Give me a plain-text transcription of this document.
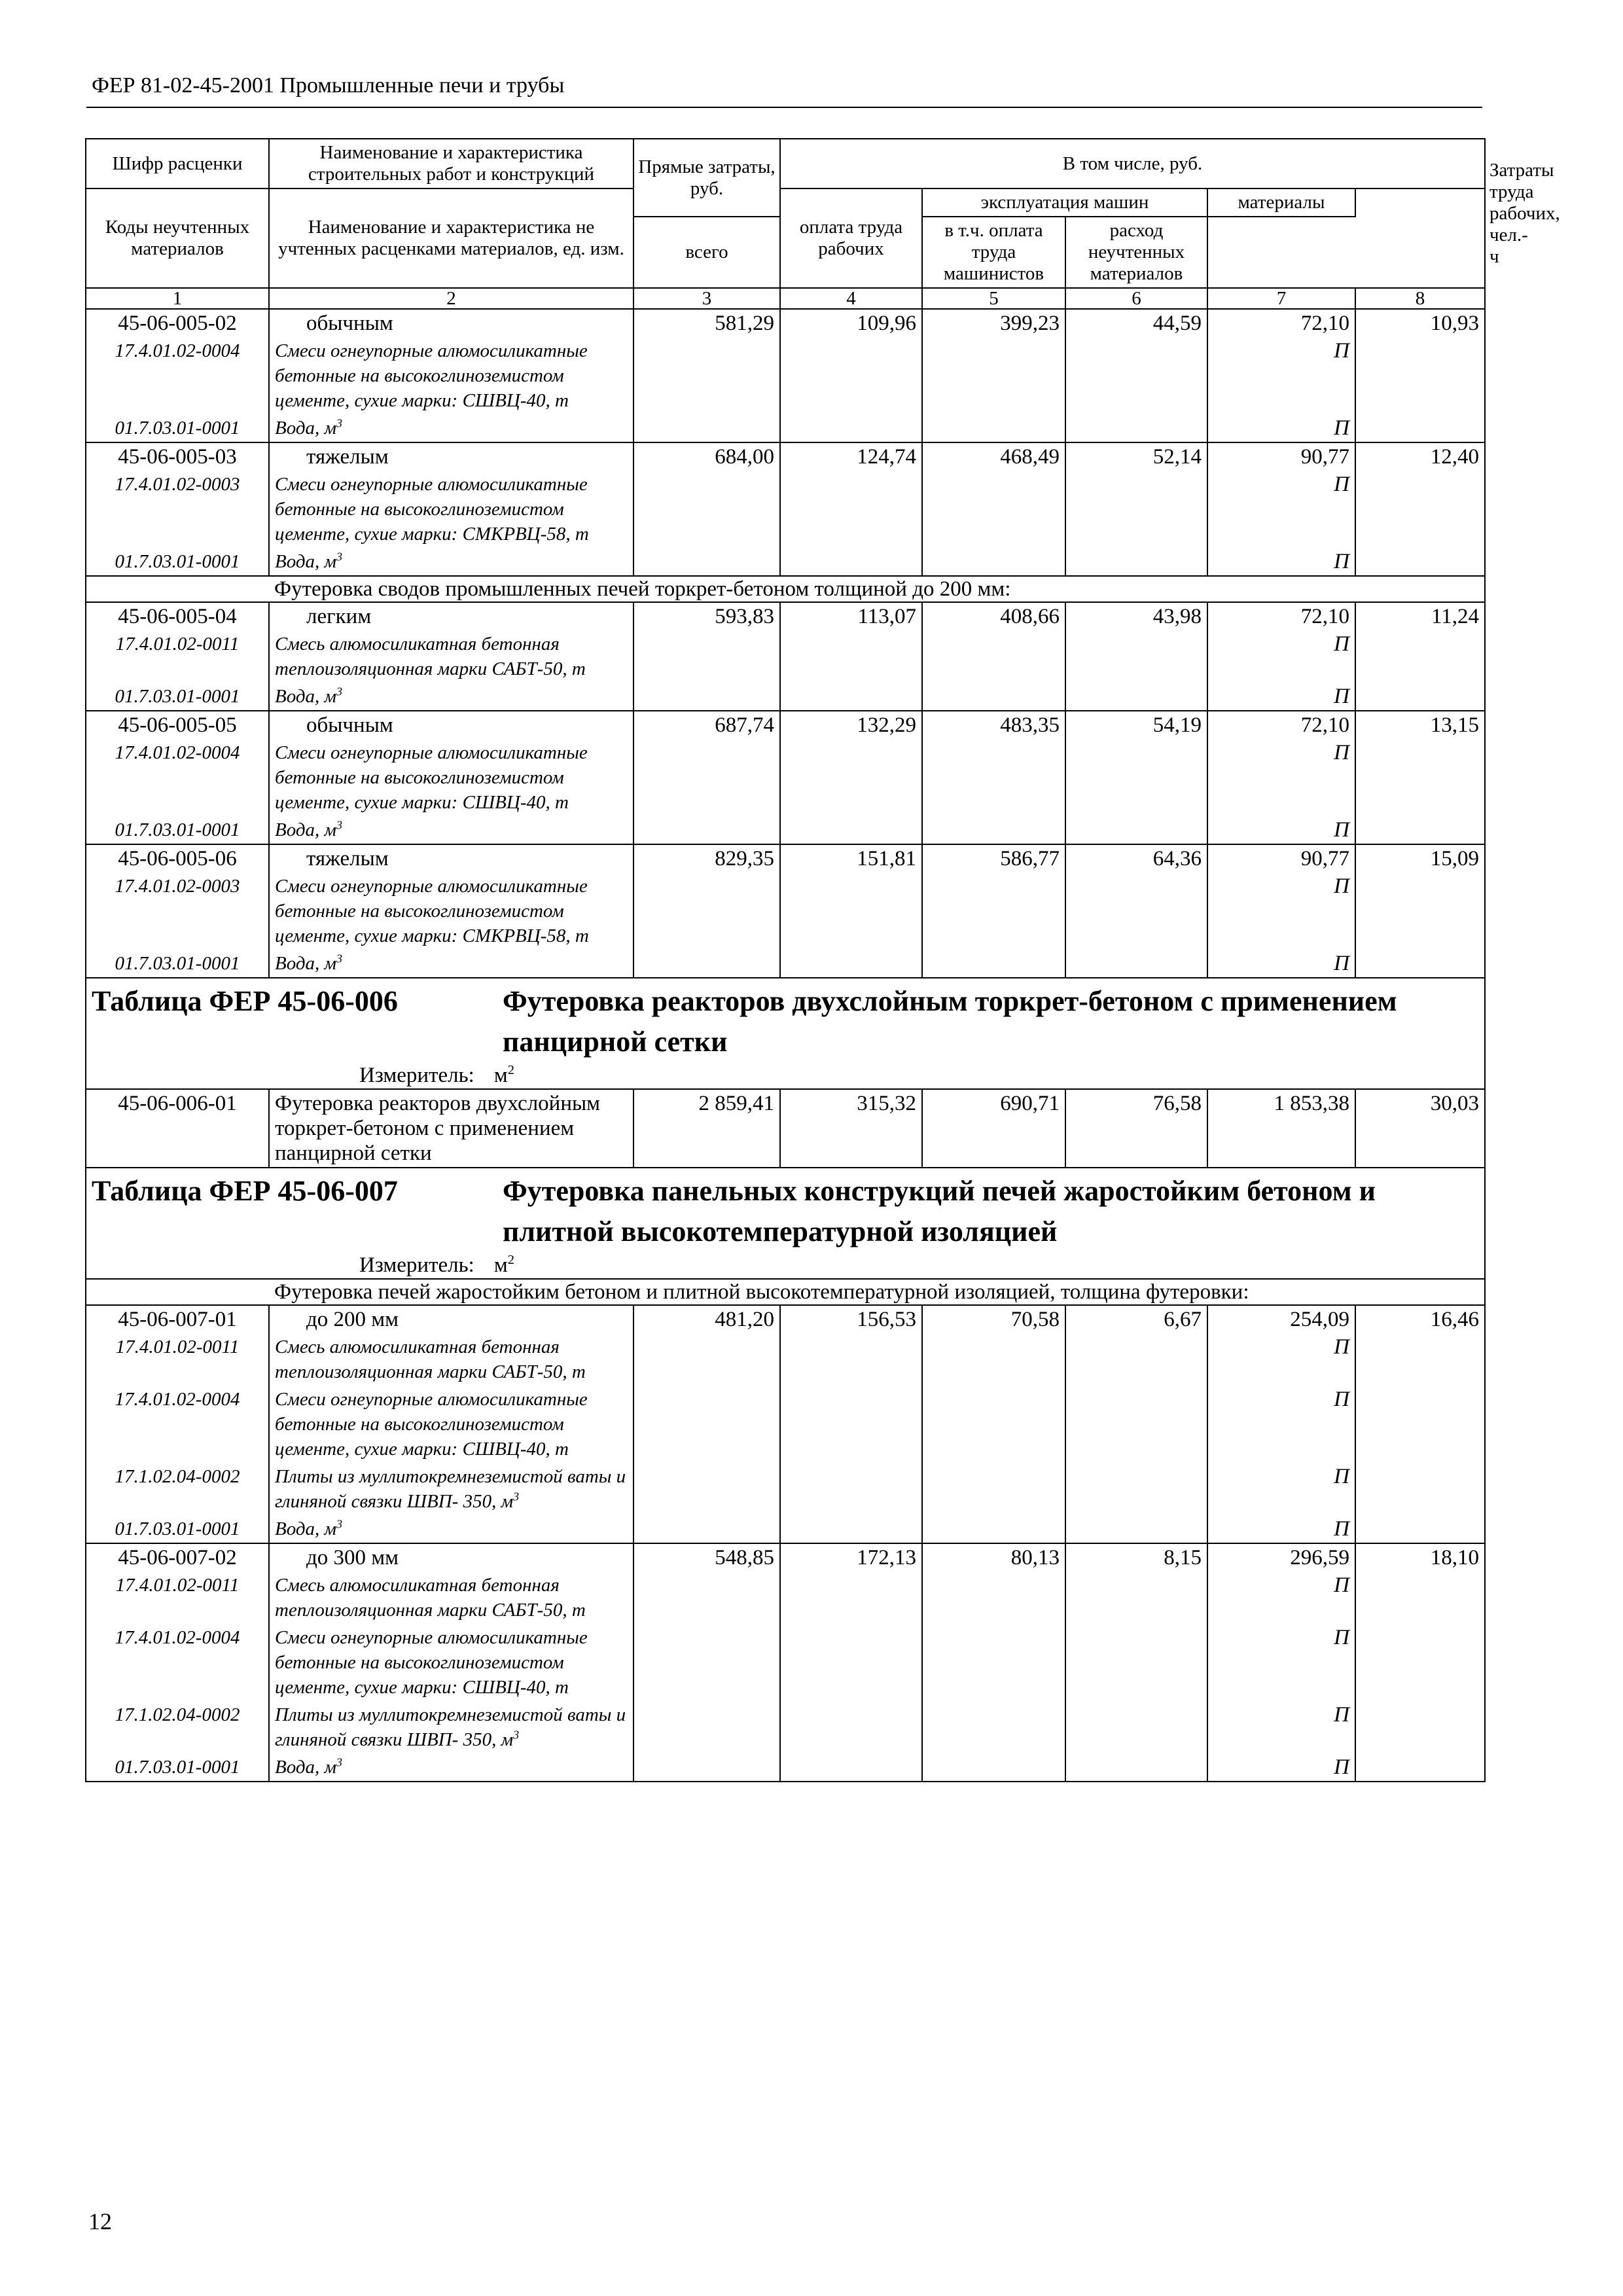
ФЕР 81-02-45-2001 Промышленные печи и трубы
Шифр расценки	Наименование и характеристика строительных работ и конструкций	Прямые затраты, руб.	В том числе, руб.					Затраты труда рабочих, чел.-ч
Коды неучтенных материалов	Наименование и характеристика не учтенных расценками материалов, ед. изм.							
			оплата труда рабочих	эксплуатация машин		материалы		
		всего		в т.ч. оплата труда машинистов	расход неучтенных материалов			
1	2	3	4	5	6	7	8	
45-06-005-02	обычным	581,29	109,96	399,23	44,59	72,10	10,93	
17.4.01.02-0004	Смеси огнеупорные алюмосиликатные бетонные на высокоглиноземистом цементе, сухие марки: СШВЦ-40, т					П		
01.7.03.01-0001	Вода, $м^3$					П		
45-06-005-03	тяжелым	684,00	124,74	468,49	52,14	90,77	12,40	
17.4.01.02-0003	Смеси огнеупорные алюмосиликатные бетонные на высокоглиноземистом цементе, сухие марки: СМКРВЦ-58, т					П		
01.7.03.01-0001	Вода, $м^3$					П		
	Футеровка сводов промышленных печей торкрет-бетоном толщиной до 200 мм:							
45-06-005-04	легким	593,83	113,07	408,66	43,98	72,10	11,24	
17.4.01.02-0011	Смесь алюмосиликатная бетонная теплоизоляционная марки САБТ-50, т					П		
01.7.03.01-0001	Вода, $м^3$					П		
45-06-005-05	обычным	687,74	132,29	483,35	54,19	72,10	13,15	
17.4.01.02-0004	Смеси огнеупорные алюмосиликатные бетонные на высокоглиноземистом цементе, сухие марки: СШВЦ-40, т					П		
01.7.03.01-0001	Вода, $м^3$					П		
45-06-005-06	тяжелым	829,35	151,81	586,77	64,36	90,77	15,09	
17.4.01.02-0003	Смеси огнеупорные алюмосиликатные бетонные на высокоглиноземистом цементе, сухие марки: СМКРВЦ-58, т					П		
01.7.03.01-0001	Вода, $м^3$					П		
Таблица ФЕР 45-06-006 Футеровка реакторов двухслойным торкрет-бетоном с применением панцирной сетки								
Измеритель: $м^2$
45-06-006-01	Футеровка реакторов двухслойным торкрет-бетоном с применением панцирной сетки	2 859,41	315,32	690,71	76,58	1 853,38	30,03	
Таблица ФЕР 45-06-007 Футеровка панельных конструкций печей жаростойким бетоном и плитной высокотемпературной изоляцией								
Измеритель: $м^2$
	Футеровка печей жаростойким бетоном и плитной высокотемпературной изоляцией, толщина футеровки:							
45-06-007-01	до 200 мм	481,20	156,53	70,58	6,67	254,09	16,46	
17.4.01.02-0011	Смесь алюмосиликатная бетонная теплоизоляционная марки САБТ-50, т					П		
17.4.01.02-0004	Смеси огнеупорные алюмосиликатные бетонные на высокоглиноземистом цементе, сухие марки: СШВЦ-40, т					П		
17.1.02.04-0002	Плиты из муллитокремнеземистой ваты и глиняной связки ШВП- 350, $м^3$					П		
01.7.03.01-0001	Вода, $м^3$					П		
45-06-007-02	до 300 мм	548,85	172,13	80,13	8,15	296,59	18,10	
17.4.01.02-0011	Смесь алюмосиликатная бетонная теплоизоляционная марки САБТ-50, т					П		
17.4.01.02-0004	Смеси огнеупорные алюмосиликатные бетонные на высокоглиноземистом цементе, сухие марки: СШВЦ-40, т					П		
17.1.02.04-0002	Плиты из муллитокремнеземистой ваты и глиняной связки ШВП- 350, $м^3$					П		
01.7.03.01-0001	Вода, $м^3$					П		
12
